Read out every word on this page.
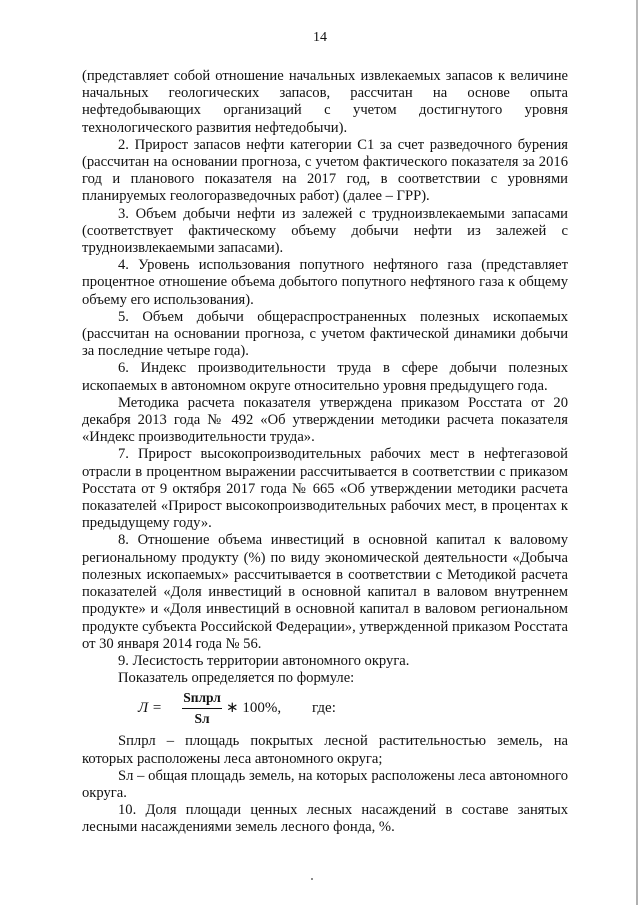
14

(представляет собой отношение начальных извлекаемых запасов к величине начальных геологических запасов, рассчитан на основе опыта нефтедобывающих организаций с учетом достигнутого уровня технологического развития нефтедобычи).

2. Прирост запасов нефти категории С1 за счет разведочного бурения (рассчитан на основании прогноза, с учетом фактического показателя за 2016 год и планового показателя на 2017 год, в соответствии с уровнями планируемых геологоразведочных работ) (далее – ГРР).

3. Объем добычи нефти из залежей с трудноизвлекаемыми запасами (соответствует фактическому объему добычи нефти из залежей с трудноизвлекаемыми запасами).

4. Уровень использования попутного нефтяного газа (представляет процентное отношение объема добытого попутного нефтяного газа к общему объему его использования).

5. Объем добычи общераспространенных полезных ископаемых (рассчитан на основании прогноза, с учетом фактической динамики добычи за последние четыре года).

6. Индекс производительности труда в сфере добычи полезных ископаемых в автономном округе относительно уровня предыдущего года.

Методика расчета показателя утверждена приказом Росстата от 20 декабря 2013 года № 492 «Об утверждении методики расчета показателя «Индекс производительности труда».

7. Прирост высокопроизводительных рабочих мест в нефтегазовой отрасли в процентном выражении рассчитывается в соответствии с приказом Росстата от 9 октября 2017 года № 665 «Об утверждении методики расчета показателей «Прирост высокопроизводительных рабочих мест, в процентах к предыдущему году».

8. Отношение объема инвестиций в основной капитал к валовому региональному продукту (%) по виду экономической деятельности «Добыча полезных ископаемых» рассчитывается в соответствии с Методикой расчета показателей «Доля инвестиций в основной капитал в валовом внутреннем продукте» и «Доля инвестиций в основной капитал в валовом региональном продукте субъекта Российской Федерации», утвержденной приказом Росстата от 30 января 2014 года № 56.

9. Лесистость территории автономного округа.

Показатель определяется по формуле:

Л =
Sпл​рл
Sл
∗ 100%, где:

Sплрл – площадь покрытых лесной растительностью земель, на которых расположены леса автономного округа;

Sл – общая площадь земель, на которых расположены леса автономного округа.

10. Доля площади ценных лесных насаждений в составе занятых лесными насаждениями земель лесного фонда, %.
